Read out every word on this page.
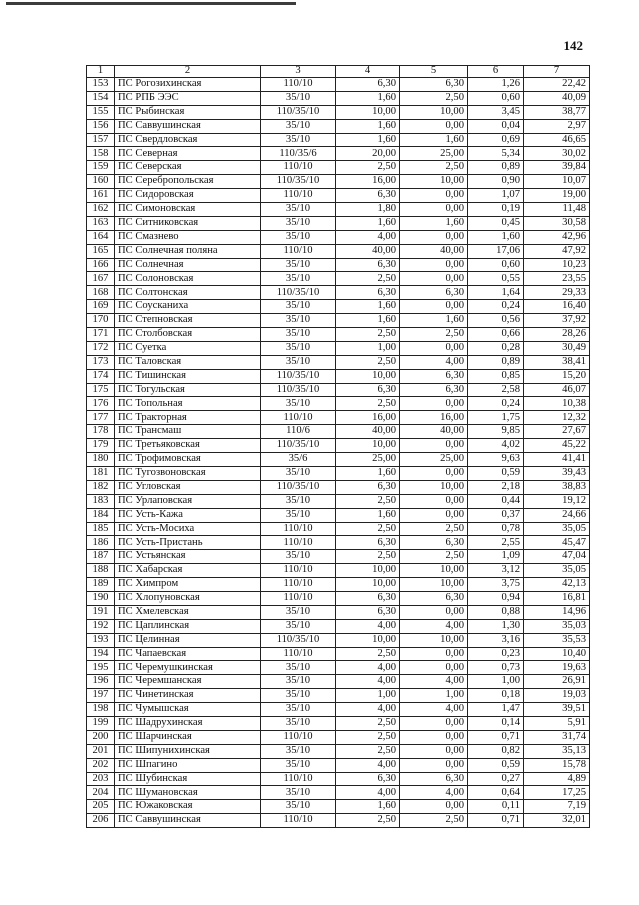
142
1	2	3	4	5	6	7
153	ПС Рогозихинская	110/10	6,30	6,30	1,26	22,42
154	ПС РПБ ЭЭС	35/10	1,60	2,50	0,60	40,09
155	ПС Рыбинская	110/35/10	10,00	10,00	3,45	38,77
156	ПС Саввушинская	35/10	1,60	0,00	0,04	2,97
157	ПС Свердловская	35/10	1,60	1,60	0,69	46,65
158	ПС Северная	110/35/6	20,00	25,00	5,34	30,02
159	ПС Северская	110/10	2,50	2,50	0,89	39,84
160	ПС Серебропольская	110/35/10	16,00	10,00	0,90	10,07
161	ПС Сидоровская	110/10	6,30	0,00	1,07	19,00
162	ПС Симоновская	35/10	1,80	0,00	0,19	11,48
163	ПС Ситниковская	35/10	1,60	1,60	0,45	30,58
164	ПС Смазнево	35/10	4,00	0,00	1,60	42,96
165	ПС Солнечная поляна	110/10	40,00	40,00	17,06	47,92
166	ПС Солнечная	35/10	6,30	0,00	0,60	10,23
167	ПС Солоновская	35/10	2,50	0,00	0,55	23,55
168	ПС Солтонская	110/35/10	6,30	6,30	1,64	29,33
169	ПС Соусканиха	35/10	1,60	0,00	0,24	16,40
170	ПС Степновская	35/10	1,60	1,60	0,56	37,92
171	ПС Столбовская	35/10	2,50	2,50	0,66	28,26
172	ПС Суетка	35/10	1,00	0,00	0,28	30,49
173	ПС Таловская	35/10	2,50	4,00	0,89	38,41
174	ПС Тишинская	110/35/10	10,00	6,30	0,85	15,20
175	ПС Тогульская	110/35/10	6,30	6,30	2,58	46,07
176	ПС Топольная	35/10	2,50	0,00	0,24	10,38
177	ПС Тракторная	110/10	16,00	16,00	1,75	12,32
178	ПС Трансмаш	110/6	40,00	40,00	9,85	27,67
179	ПС Третьяковская	110/35/10	10,00	0,00	4,02	45,22
180	ПС Трофимовская	35/6	25,00	25,00	9,63	41,41
181	ПС Тугозвоновская	35/10	1,60	0,00	0,59	39,43
182	ПС Угловская	110/35/10	6,30	10,00	2,18	38,83
183	ПС Урлаповская	35/10	2,50	0,00	0,44	19,12
184	ПС Усть-Кажа	35/10	1,60	0,00	0,37	24,66
185	ПС Усть-Мосиха	110/10	2,50	2,50	0,78	35,05
186	ПС Усть-Пристань	110/10	6,30	6,30	2,55	45,47
187	ПС Устьянская	35/10	2,50	2,50	1,09	47,04
188	ПС Хабарская	110/10	10,00	10,00	3,12	35,05
189	ПС Химпром	110/10	10,00	10,00	3,75	42,13
190	ПС Хлопуновская	110/10	6,30	6,30	0,94	16,81
191	ПС Хмелевская	35/10	6,30	0,00	0,88	14,96
192	ПС Цаплинская	35/10	4,00	4,00	1,30	35,03
193	ПС Целинная	110/35/10	10,00	10,00	3,16	35,53
194	ПС Чапаевская	110/10	2,50	0,00	0,23	10,40
195	ПС Черемушкинская	35/10	4,00	0,00	0,73	19,63
196	ПС Черемшанская	35/10	4,00	4,00	1,00	26,91
197	ПС Чинетинская	35/10	1,00	1,00	0,18	19,03
198	ПС Чумышская	35/10	4,00	4,00	1,47	39,51
199	ПС Шадрухинская	35/10	2,50	0,00	0,14	5,91
200	ПС Шарчинская	110/10	2,50	0,00	0,71	31,74
201	ПС Шипунихинская	35/10	2,50	0,00	0,82	35,13
202	ПС Шпагино	35/10	4,00	0,00	0,59	15,78
203	ПС Шубинская	110/10	6,30	6,30	0,27	4,89
204	ПС Шумановская	35/10	4,00	4,00	0,64	17,25
205	ПС Южаковская	35/10	1,60	0,00	0,11	7,19
206	ПС Саввушинская	110/10	2,50	2,50	0,71	32,01
